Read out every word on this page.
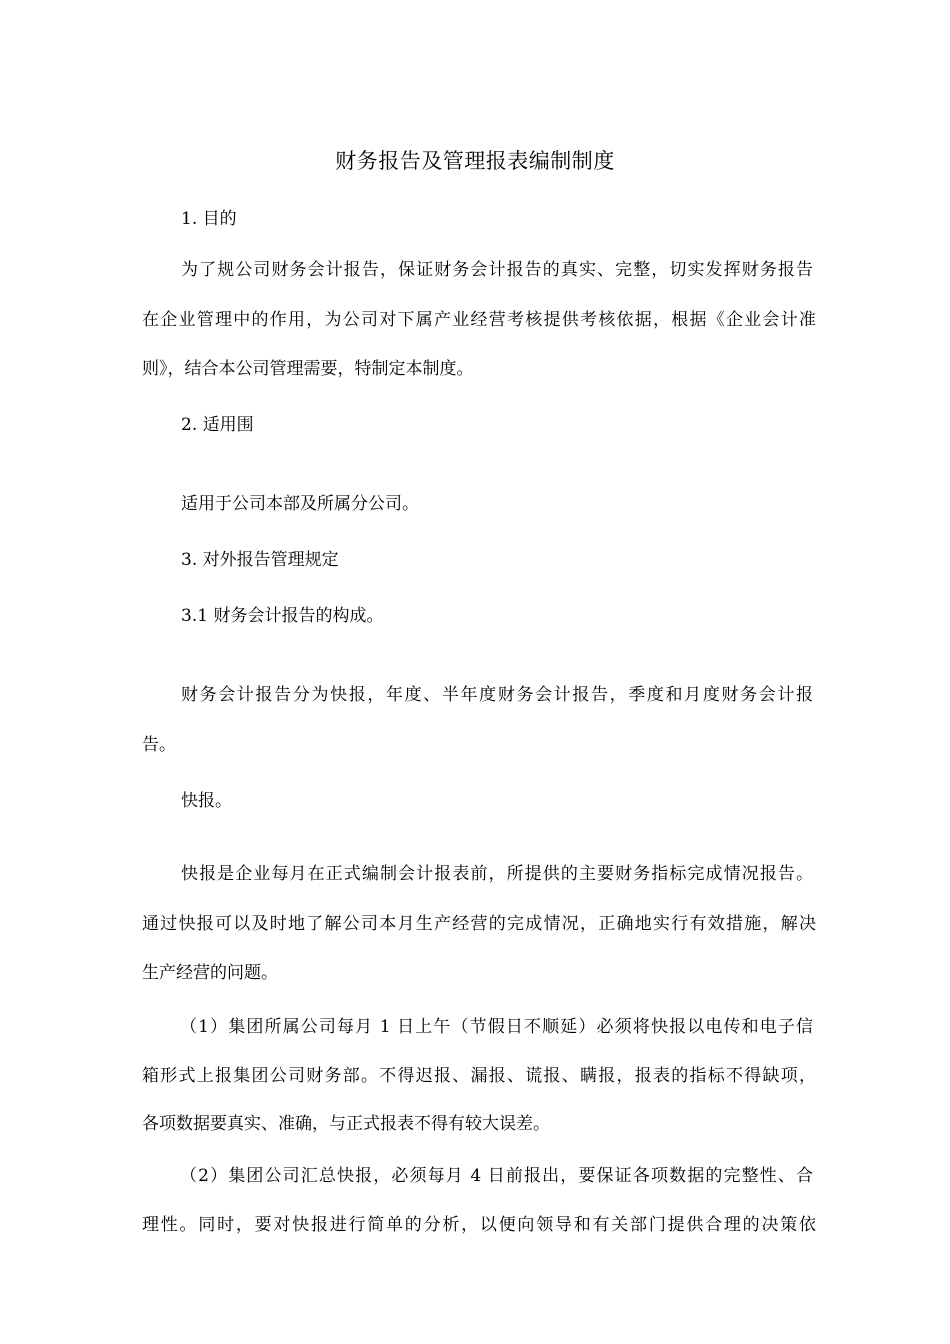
财务报告及管理报表编制制度
1. 目的
为了规公司财务会计报告，保证财务会计报告的真实、完整，切实发挥财务报告
在企业管理中的作用，为公司对下属产业经营考核提供考核依据，根据《企业会计准
则》，结合本公司管理需要，特制定本制度。
2. 适用围
适用于公司本部及所属分公司。
3. 对外报告管理规定
3.1 财务会计报告的构成。
财务会计报告分为快报，年度、半年度财务会计报告，季度和月度财务会计报
告。
快报。
快报是企业每月在正式编制会计报表前，所提供的主要财务指标完成情况报告。
通过快报可以及时地了解公司本月生产经营的完成情况，正确地实行有效措施，解决
生产经营的问题。
（1）集团所属公司每月 1 日上午（节假日不顺延）必须将快报以电传和电子信
箱形式上报集团公司财务部。不得迟报、漏报、谎报、瞒报，报表的指标不得缺项，
各项数据要真实、准确，与正式报表不得有较大误差。
（2）集团公司汇总快报，必须每月 4 日前报出，要保证各项数据的完整性、合
理性。同时，要对快报进行简单的分析，以便向领导和有关部门提供合理的决策依
